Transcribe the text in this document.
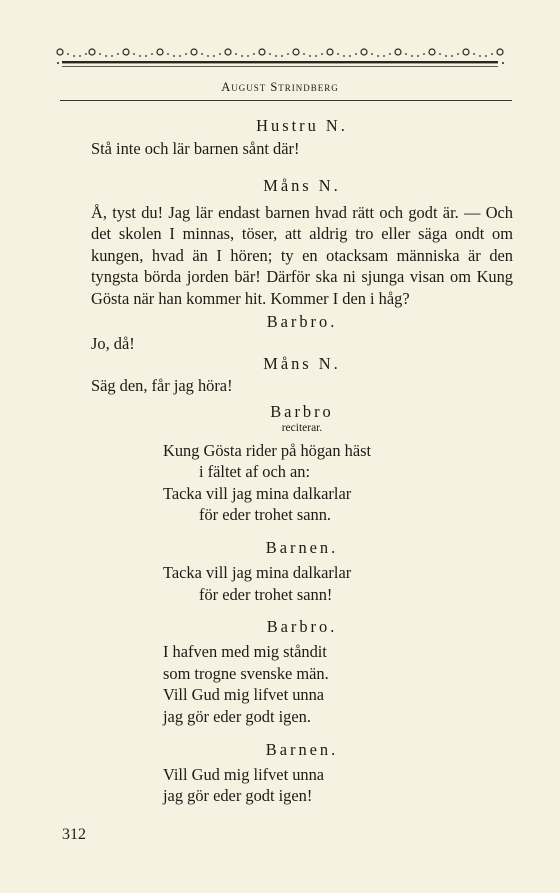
August Strindberg
Hustru N.

Stå inte och lär barnen sånt där!

Måns N.

Å, tyst du! Jag lär endast barnen hvad rätt och godt är. — Och det skolen I minnas, töser, att aldrig tro eller säga ondt om kungen, hvad än I hören; ty en otacksam människa är den tyngsta börda jorden bär! Därför ska ni sjunga visan om Kung Gösta när han kommer hit. Kommer I den i håg?

Barbro.

Jo, då!

Måns N.

Säg den, får jag höra!

Barbro
reciterar.
Kung Gösta rider på högan häst
i fältet af och an:
Tacka vill jag mina dalkarlar
för eder trohet sann.
Barnen.
Tacka vill jag mina dalkarlar
för eder trohet sann!
Barbro.
I hafven med mig ståndit
som trogne svenske män.
Vill Gud mig lifvet unna
jag gör eder godt igen.
Barnen.
Vill Gud mig lifvet unna
jag gör eder godt igen!
312
